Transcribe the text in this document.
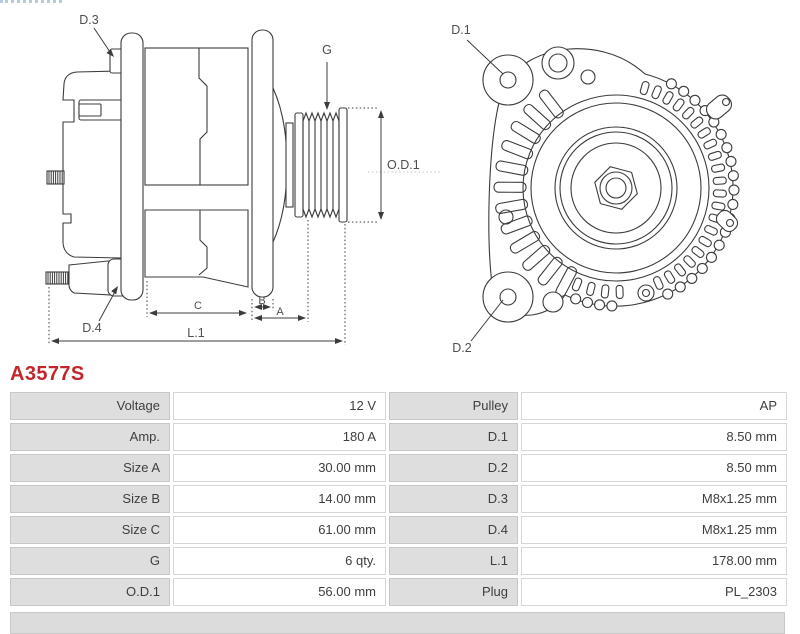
D.3
D.4
G
O.D.1
C	B
A
L.1
D.1
D.2
A3577S
Voltage	12 V	Pulley	AP
Amp.	180 A	D.1	8.50 mm
Size A	30.00 mm	D.2	8.50 mm
Size B	14.00 mm	D.3	M8x1.25 mm
Size C	61.00 mm	D.4	M8x1.25 mm
G	6 qty.	L.1	178.00 mm
O.D.1	56.00 mm	Plug	PL_2303
